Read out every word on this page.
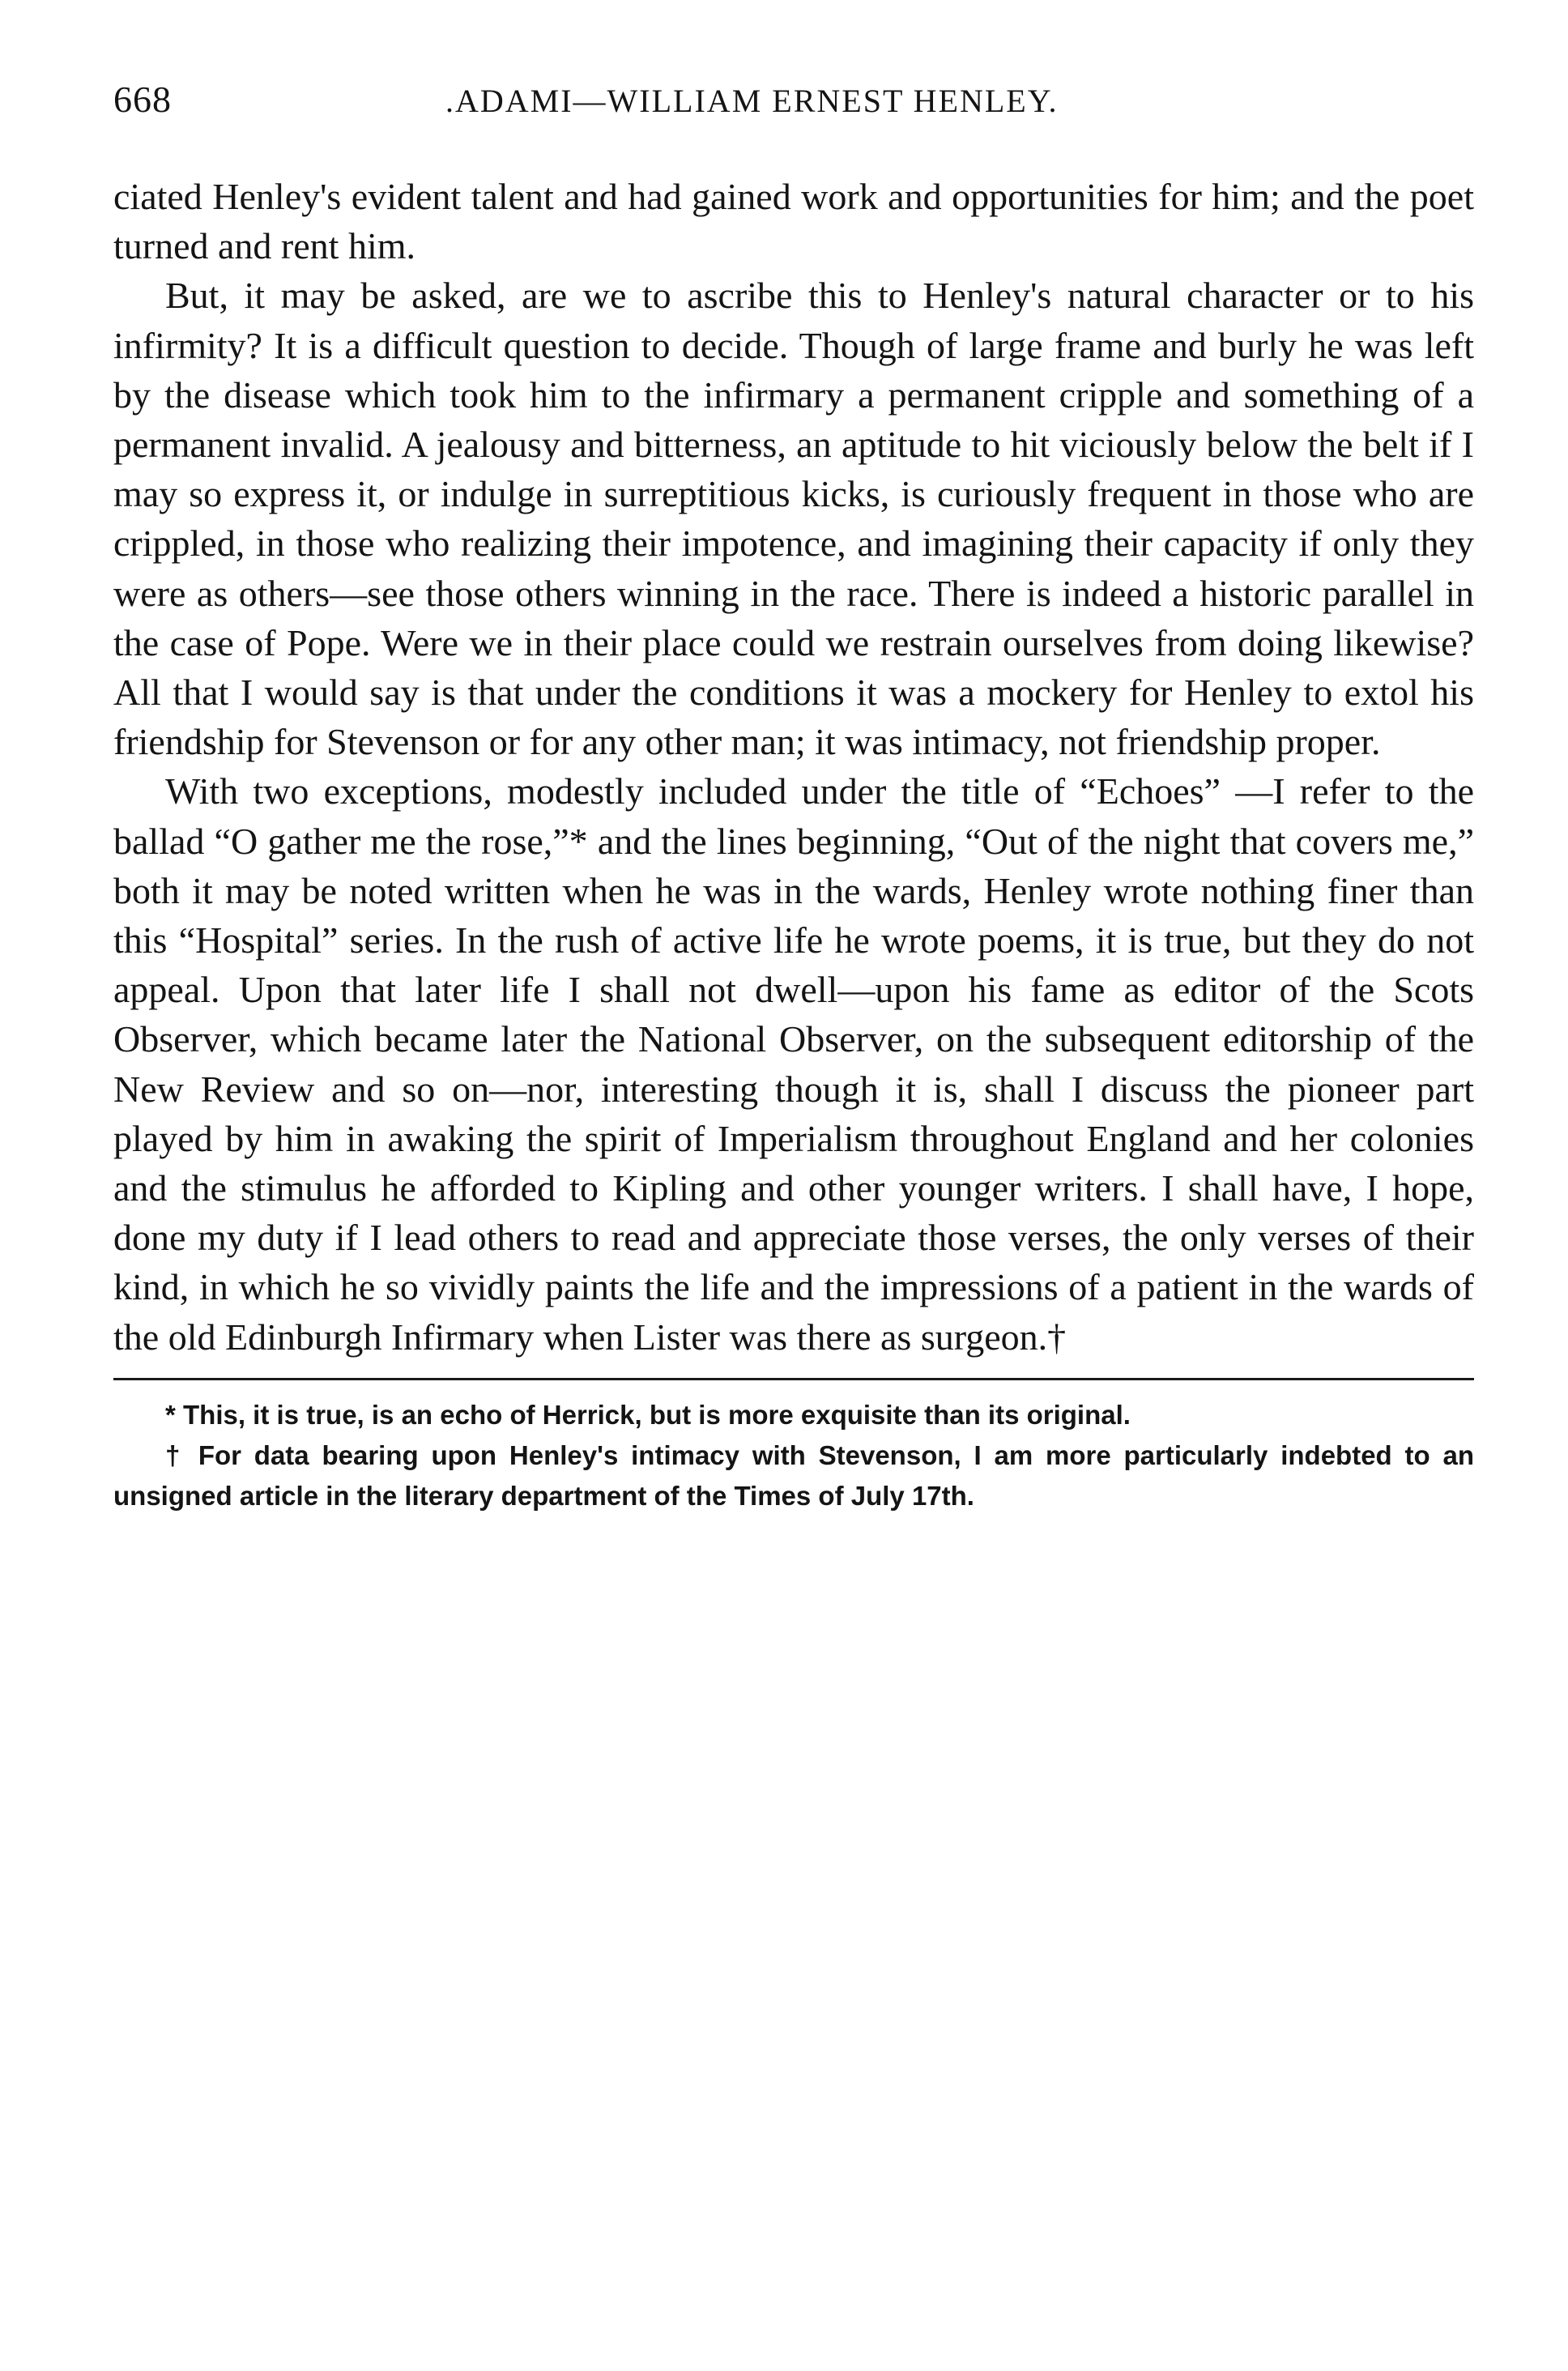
668	.ADAMI—WILLIAM ERNEST HENLEY.

ciated Henley's evident talent and had gained work and opportunities for him; and the poet turned and rent him.

But, it may be asked, are we to ascribe this to Henley's natural character or to his infirmity? It is a difficult question to decide. Though of large frame and burly he was left by the disease which took him to the infirmary a permanent cripple and something of a permanent invalid. A jealousy and bitterness, an aptitude to hit viciously below the belt if I may so express it, or indulge in surreptitious kicks, is curiously frequent in those who are crippled, in those who realizing their impotence, and imagining their capacity if only they were as others—see those others winning in the race. There is indeed a historic parallel in the case of Pope. Were we in their place could we restrain ourselves from doing likewise? All that I would say is that under the conditions it was a mockery for Henley to extol his friendship for Stevenson or for any other man; it was intimacy, not friendship proper.

With two exceptions, modestly included under the title of “Echoes” —I refer to the ballad “O gather me the rose,”* and the lines beginning, “Out of the night that covers me,” both it may be noted written when he was in the wards, Henley wrote nothing finer than this “Hospital” series. In the rush of active life he wrote poems, it is true, but they do not appeal. Upon that later life I shall not dwell—upon his fame as editor of the Scots Observer, which became later the National Observer, on the subsequent editorship of the New Review and so on—nor, interesting though it is, shall I discuss the pioneer part played by him in awaking the spirit of Imperialism throughout England and her colonies and the stimulus he afforded to Kipling and other younger writers. I shall have, I hope, done my duty if I lead others to read and appreciate those verses, the only verses of their kind, in which he so vividly paints the life and the impressions of a patient in the wards of the old Edinburgh Infirmary when Lister was there as surgeon.†

* This, it is true, is an echo of Herrick, but is more exquisite than its original.

† For data bearing upon Henley's intimacy with Stevenson, I am more particularly indebted to an unsigned article in the literary department of the Times of July 17th.
